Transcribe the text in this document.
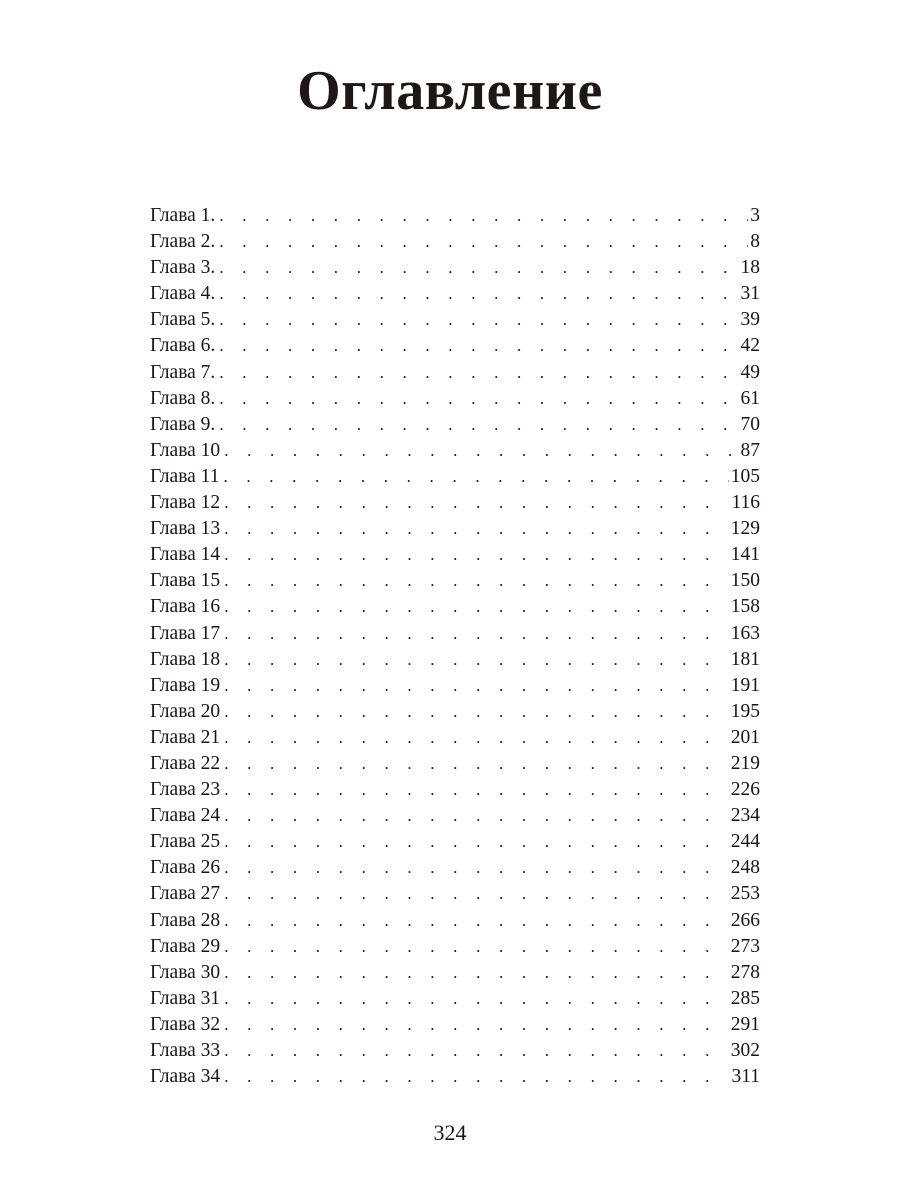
Оглавление
Глава 1. . . .	3
Глава 2. . . .	8
Глава 3. . . .	18
Глава 4. . . .	31
Глава 5. . . .	39
Глава 6. . . .	42
Глава 7. . . .	49
Глава 8. . . .	61
Глава 9. . . .	70
Глава 10 . . .	87
Глава 11 . . .	105
Глава 12 . . .	116
Глава 13 . . .	129
Глава 14 . . .	141
Глава 15 . . .	150
Глава 16 . . .	158
Глава 17 . . .	163
Глава 18 . . .	181
Глава 19 . . .	191
Глава 20 . . .	195
Глава 21 . . .	201
Глава 22 . . .	219
Глава 23 . . .	226
Глава 24 . . .	234
Глава 25 . . .	244
Глава 26 . . .	248
Глава 27 . . .	253
Глава 28 . . .	266
Глава 29 . . .	273
Глава 30 . . .	278
Глава 31 . . .	285
Глава 32 . . .	291
Глава 33 . . .	302
Глава 34 . . .	311
324
